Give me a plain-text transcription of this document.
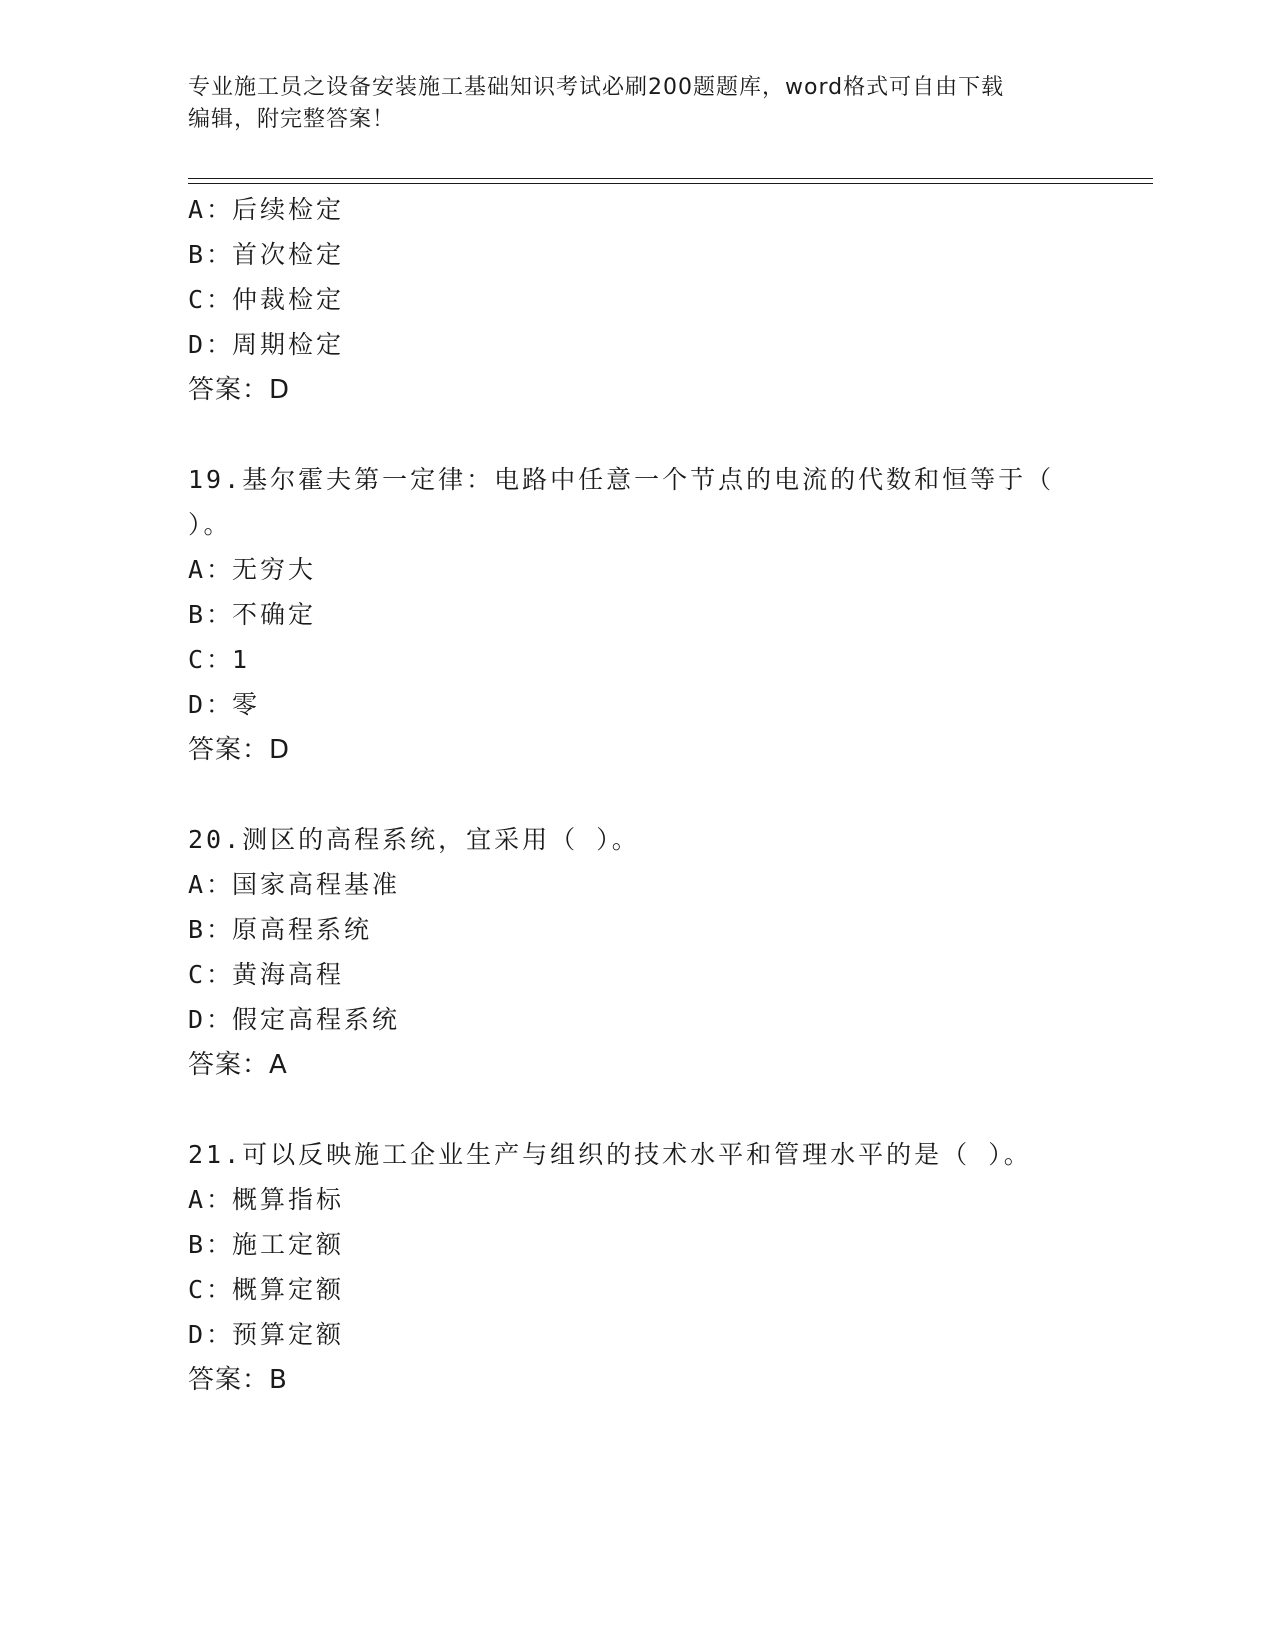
专业施工员之设备安装施工基础知识考试必刷200题题库，word格式可自由下载
编辑，附完整答案！
A：后续检定
B：首次检定
C：仲裁检定
D：周期检定
答案：D
19.基尔霍夫第一定律：电路中任意一个节点的电流的代数和恒等于（
）。
A：无穷大
B：不确定
C：1
D：零
答案：D
20.测区的高程系统，宜采用（ ）。
A：国家高程基准
B：原高程系统
C：黄海高程
D：假定高程系统
答案：A
21.可以反映施工企业生产与组织的技术水平和管理水平的是（ ）。
A：概算指标
B：施工定额
C：概算定额
D：预算定额
答案：B
